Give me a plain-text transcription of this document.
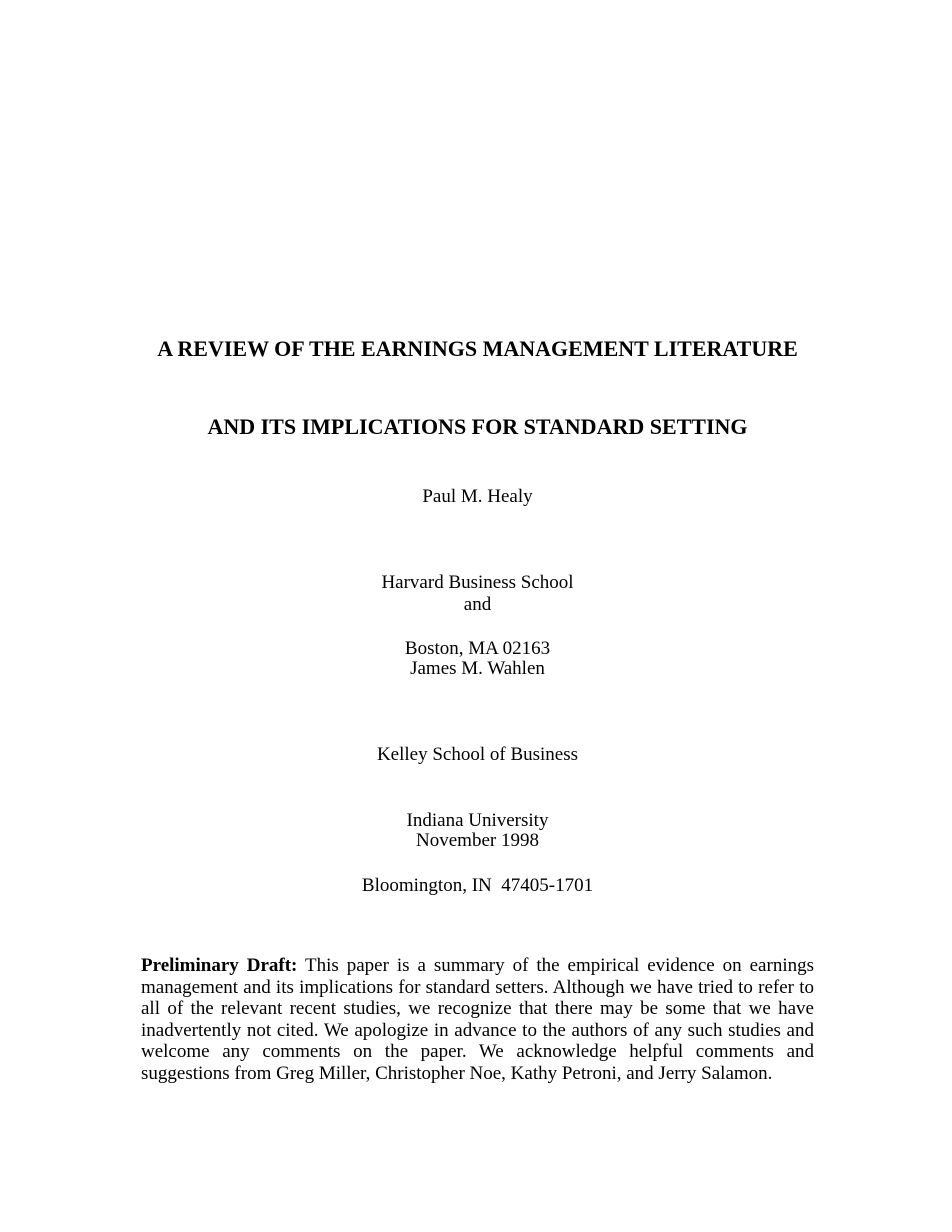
A REVIEW OF THE EARNINGS MANAGEMENT LITERATURE

AND ITS IMPLICATIONS FOR STANDARD SETTING

Paul M. Healy

Harvard Business School

Boston, MA 02163

and
James M. Wahlen

Kelley School of Business

Indiana University

Bloomington, IN  47405-1701

November 1998

Preliminary Draft: This paper is a summary of the empirical evidence on earnings management and its implications for standard setters. Although we have tried to refer to all of the relevant recent studies, we recognize that there may be some that we have inadvertently not cited. We apologize in advance to the authors of any such studies and welcome any comments on the paper. We acknowledge helpful comments and suggestions from Greg Miller, Christopher Noe, Kathy Petroni, and Jerry Salamon.
